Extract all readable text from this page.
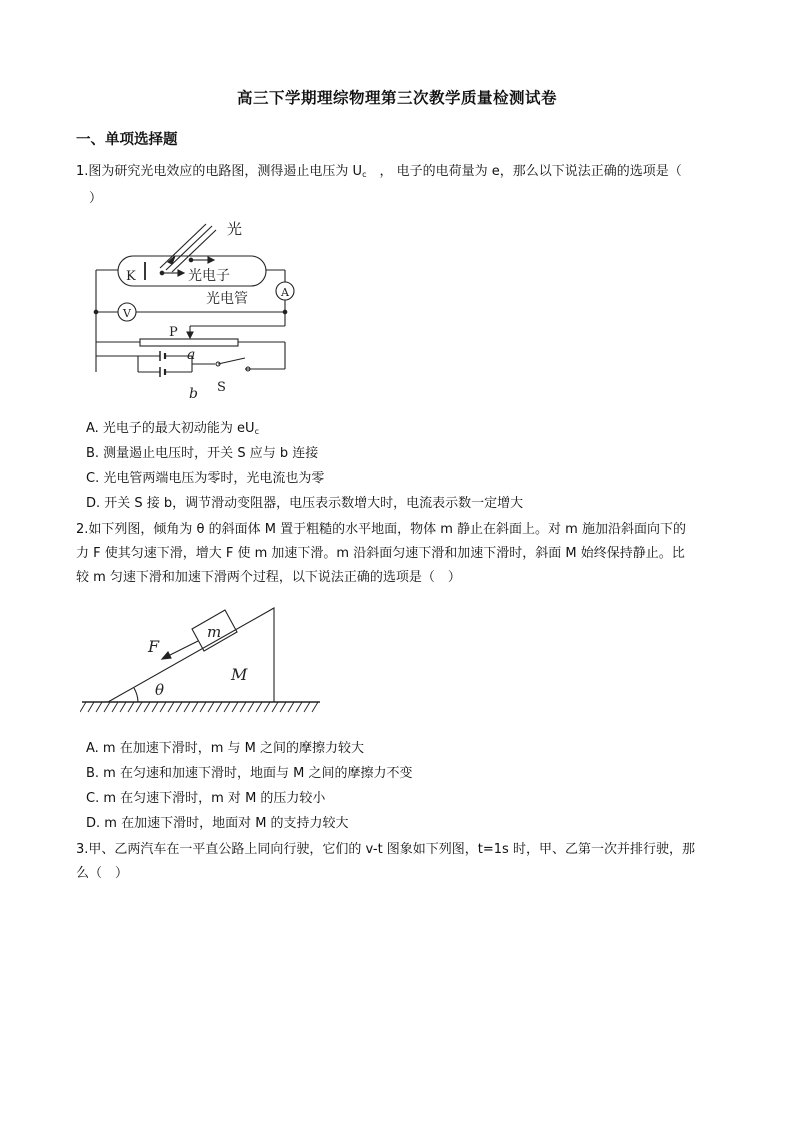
高三下学期理综物理第三次教学质量检测试卷
一、单项选择题
1.图为研究光电效应的电路图，测得遏止电压为 $U_c$　， 电子的电荷量为 e，那么以下说法正确的选项是（
　）
光
K	光电子
光电管	A
V
P
a
b S
A. 光电子的最大初动能为 $eU_c$
B. 测量遏止电压时，开关 S 应与 b 连接
C. 光电管两端电压为零时，光电流也为零
D. 开关 S 接 b，调节滑动变阻器，电压表示数增大时，电流表示数一定增大
2.如下列图，倾角为 θ 的斜面体 M 置于粗糙的水平地面，物体 m 静止在斜面上。对 m 施加沿斜面向下的
力 F 使其匀速下滑，增大 F 使 m 加速下滑。m 沿斜面匀速下滑和加速下滑时，斜面 M 始终保持静止。比
较 m 匀速下滑和加速下滑两个过程，以下说法正确的选项是（　）
F
m
M
θ
A. m 在加速下滑时，m 与 M 之间的摩擦力较大
B. m 在匀速和加速下滑时，地面与 M 之间的摩擦力不变
C. m 在匀速下滑时，m 对 M 的压力较小
D. m 在加速下滑时，地面对 M 的支持力较大
3.甲、乙两汽车在一平直公路上同向行驶，它们的 v-t 图象如下列图，t=1s 时，甲、乙第一次并排行驶，那
么（　）
